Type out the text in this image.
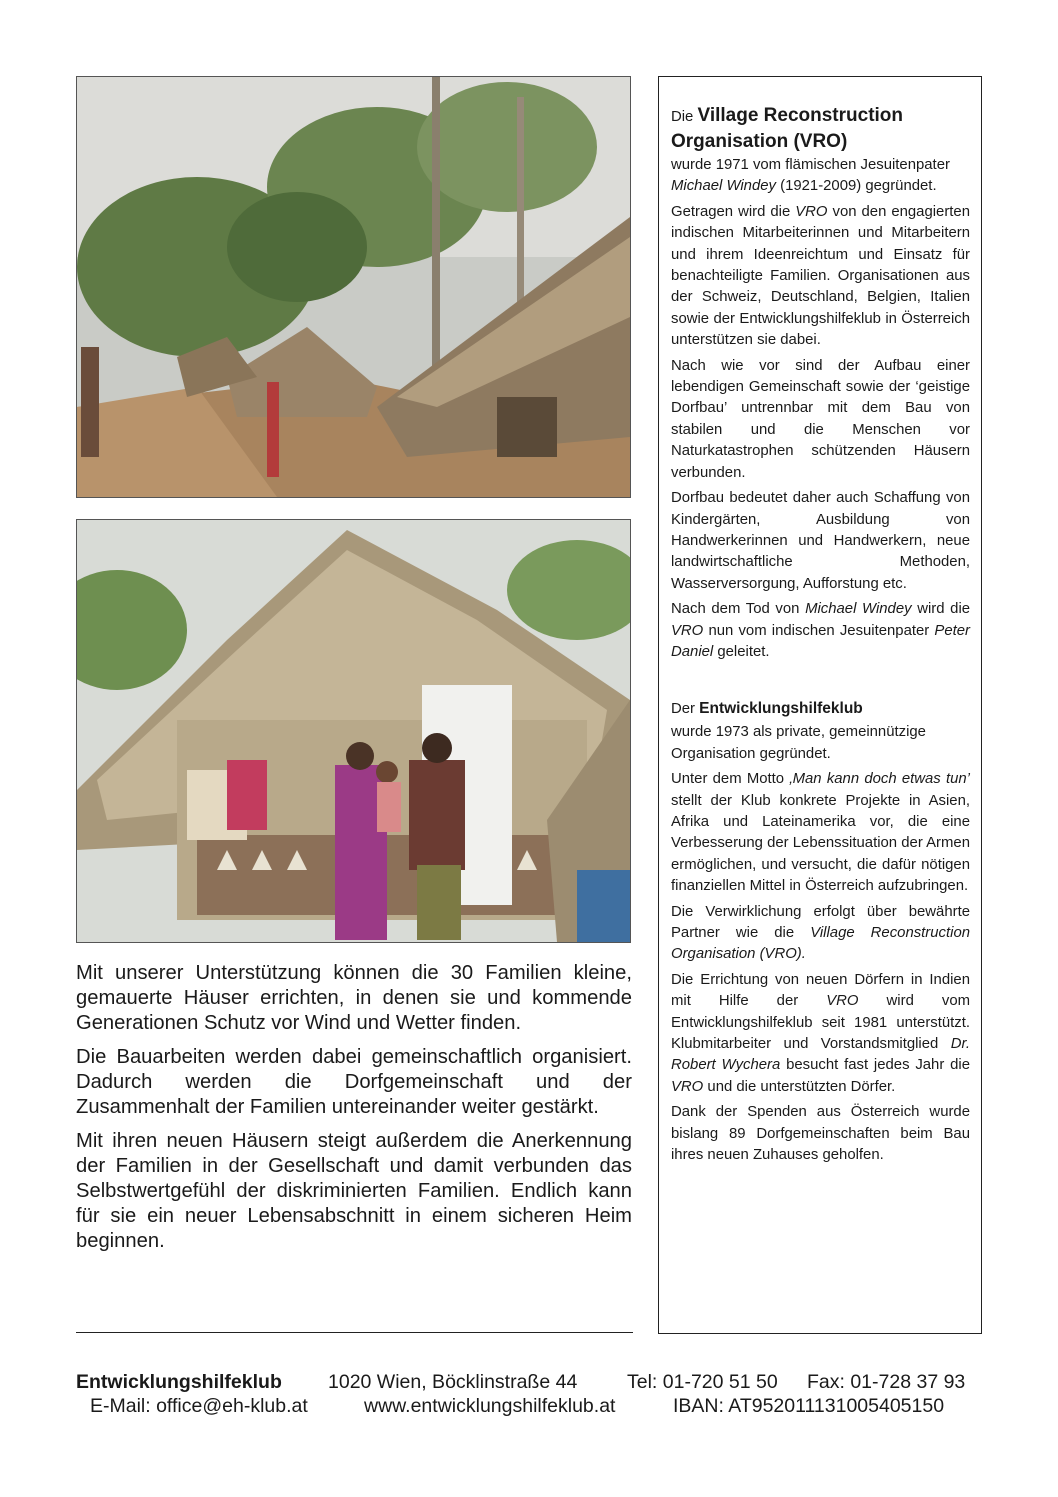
Mit unserer Unterstützung können die 30 Familien kleine, gemauerte Häuser errichten, in denen sie und kommende Generationen Schutz vor Wind und Wetter finden.

Die Bauarbeiten werden dabei gemeinschaftlich organisiert. Dadurch werden die Dorfgemeinschaft und der Zusammenhalt der Familien untereinander weiter gestärkt.

Mit ihren neuen Häusern steigt außerdem die Anerkennung der Familien in der Gesellschaft und damit verbunden das Selbstwertgefühl der diskriminierten Familien. Endlich kann für sie ein neuer Lebensabschnitt in einem sicheren Heim beginnen.

Die Village Reconstruction Organisation (VRO)
wurde 1971 vom flämischen Jesuitenpater Michael Windey (1921-2009) gegründet.

Getragen wird die VRO von den engagierten indischen Mitarbeiterinnen und Mitarbeitern und ihrem Ideenreichtum und Einsatz für benachteiligte Familien. Organisationen aus der Schweiz, Deutschland, Belgien, Italien sowie der Entwicklungshilfeklub in Österreich unterstützen sie dabei.

Nach wie vor sind der Aufbau einer lebendigen Gemeinschaft sowie der ‘geistige Dorfbau’ untrennbar mit dem Bau von stabilen und die Menschen vor Naturkatastrophen schützenden Häusern verbunden.

Dorfbau bedeutet daher auch Schaffung von Kindergärten, Ausbildung von Handwerkerinnen und Handwerkern, neue landwirtschaftliche Methoden, Wasserversorgung, Aufforstung etc.

Nach dem Tod von Michael Windey wird die VRO nun vom indischen Jesuitenpater Peter Daniel geleitet.

Der Entwicklungshilfeklub
wurde 1973 als private, gemeinnützige Organisation gegründet.

Unter dem Motto ‚Man kann doch etwas tun’ stellt der Klub konkrete Projekte in Asien, Afrika und Lateinamerika vor, die eine Verbesserung der Lebenssituation der Armen ermöglichen, und versucht, die dafür nötigen finanziellen Mittel in Österreich aufzubringen.

Die Verwirklichung erfolgt über bewährte Partner wie die Village Reconstruction Organisation (VRO).

Die Errichtung von neuen Dörfern in Indien mit Hilfe der VRO wird vom Entwicklungshilfeklub seit 1981 unterstützt. Klubmitarbeiter und Vorstandsmitglied Dr. Robert Wychera besucht fast jedes Jahr die VRO und die unterstützten Dörfer.

Dank der Spenden aus Österreich wurde bislang 89 Dorfgemeinschaften beim Bau ihres neuen Zuhauses geholfen.

Entwicklungshilfeklub 1020 Wien, Böcklinstraße 44	Tel: 01-720 51 50 Fax: 01-728 37 93
E-Mail: office@eh-klub.at	www.entwicklungshilfeklub.at	IBAN: AT952011131005405150
